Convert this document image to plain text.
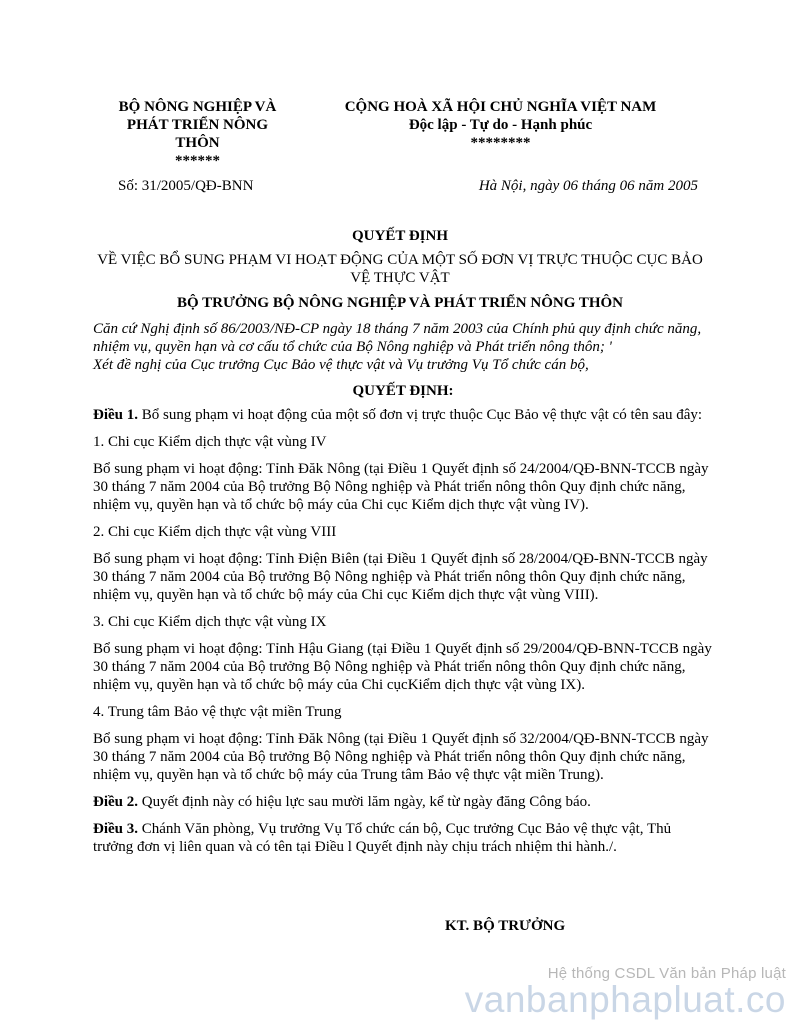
BỘ NÔNG NGHIỆP VÀ
PHÁT TRIỂN NÔNG
THÔN
******
CỘNG HOÀ XÃ HỘI CHỦ NGHĨA VIỆT NAM
Độc lập - Tự do - Hạnh phúc
********
Số: 31/2005/QĐ-BNN	Hà Nội, ngày 06 tháng 06 năm 2005
QUYẾT ĐỊNH
VỀ VIỆC BỔ SUNG PHẠM VI HOẠT ĐỘNG CỦA MỘT SỐ ĐƠN VỊ TRỰC THUỘC CỤC BẢO VỆ THỰC VẬT
BỘ TRƯỞNG BỘ NÔNG NGHIỆP VÀ PHÁT TRIỂN NÔNG THÔN

Căn cứ Nghị định số 86/2003/NĐ-CP ngày 18 tháng 7 năm 2003 của Chính phủ quy định chức năng, nhiệm vụ, quyền hạn và cơ cấu tổ chức của Bộ Nông nghiệp và Phát triển nông thôn; '

Xét đề nghị của Cục trưởng Cục Bảo vệ thực vật và Vụ trưởng Vụ Tổ chức cán bộ,

QUYẾT ĐỊNH:

Điều 1. Bổ sung phạm vi hoạt động của một số đơn vị trực thuộc Cục Bảo vệ thực vật có tên sau đây:

1. Chi cục Kiểm dịch thực vật vùng IV

Bổ sung phạm vi hoạt động: Tỉnh Đăk Nông (tại Điều 1 Quyết định số 24/2004/QĐ-BNN-TCCB ngày 30 tháng 7 năm 2004 của Bộ trưởng Bộ Nông nghiệp và Phát triển nông thôn Quy định chức năng, nhiệm vụ, quyền hạn và tổ chức bộ máy của Chi cục Kiểm dịch thực vật vùng IV).

2. Chi cục Kiểm dịch thực vật vùng VIII

Bổ sung phạm vi hoạt động: Tỉnh Điện Biên (tại Điều 1 Quyết định số 28/2004/QĐ-BNN-TCCB ngày 30 tháng 7 năm 2004 của Bộ trưởng Bộ Nông nghiệp và Phát triển nông thôn Quy định chức năng, nhiệm vụ, quyền hạn và tổ chức bộ máy của Chi cục Kiểm dịch thực vật vùng VIII).

3. Chi cục Kiểm dịch thực vật vùng IX

Bổ sung phạm vi hoạt động: Tỉnh Hậu Giang (tại Điều 1 Quyết định số 29/2004/QĐ-BNN-TCCB ngày 30 tháng 7 năm 2004 của Bộ trưởng Bộ Nông nghiệp và Phát triển nông thôn Quy định chức năng, nhiệm vụ, quyền hạn và tổ chức bộ máy của Chi cụcKiểm dịch thực vật vùng IX).

4. Trung tâm Bảo vệ thực vật miền Trung

Bổ sung phạm vi hoạt động: Tỉnh Đăk Nông (tại Điều 1 Quyết định số 32/2004/QĐ-BNN-TCCB ngày 30 tháng 7 năm 2004 của Bộ trưởng Bộ Nông nghiệp và Phát triển nông thôn Quy định chức năng, nhiệm vụ, quyền hạn và tổ chức bộ máy của Trung tâm Bảo vệ thực vật miền Trung).

Điều 2. Quyết định này có hiệu lực sau mười lăm ngày, kể từ ngày đăng Công báo.

Điều 3. Chánh Văn phòng, Vụ trưởng Vụ Tổ chức cán bộ, Cục trưởng Cục Bảo vệ thực vật, Thủ trưởng đơn vị liên quan và có tên tại Điều l Quyết định này chịu trách nhiệm thi hành./.

KT. BỘ TRƯỞNG
Hệ thống CSDL Văn bản Pháp luật
vanbanphapluat.co
